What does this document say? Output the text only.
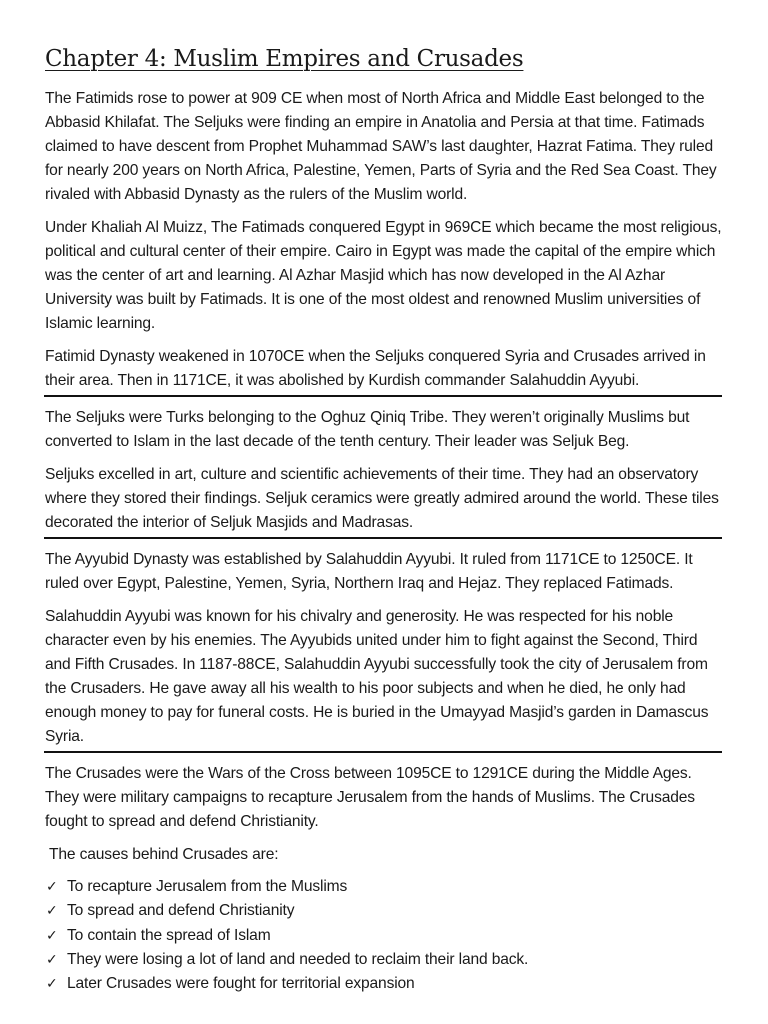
Chapter 4: Muslim Empires and Crusades

The Fatimids rose to power at 909 CE when most of North Africa and Middle East belonged to the Abbasid Khilafat. The Seljuks were finding an empire in Anatolia and Persia at that time. Fatimads claimed to have descent from Prophet Muhammad SAW’s last daughter, Hazrat Fatima. They ruled for nearly 200 years on North Africa, Palestine, Yemen, Parts of Syria and the Red Sea Coast. They rivaled with Abbasid Dynasty as the rulers of the Muslim world.

Under Khaliah Al Muizz, The Fatimads conquered Egypt in 969CE which became the most religious, political and cultural center of their empire. Cairo in Egypt was made the capital of the empire which was the center of art and learning. Al Azhar Masjid which has now developed in the Al Azhar University was built by Fatimads. It is one of the most oldest and renowned Muslim universities of Islamic learning.

Fatimid Dynasty weakened in 1070CE when the Seljuks conquered Syria and Crusades arrived in their area. Then in 1171CE, it was abolished by Kurdish commander Salahuddin Ayyubi.

The Seljuks were Turks belonging to the Oghuz Qiniq Tribe. They weren’t originally Muslims but converted to Islam in the last decade of the tenth century. Their leader was Seljuk Beg.

Seljuks excelled in art, culture and scientific achievements of their time. They had an observatory where they stored their findings. Seljuk ceramics were greatly admired around the world. These tiles decorated the interior of Seljuk Masjids and Madrasas.

The Ayyubid Dynasty was established by Salahuddin Ayyubi. It ruled from 1171CE to 1250CE. It ruled over Egypt, Palestine, Yemen, Syria, Northern Iraq and Hejaz. They replaced Fatimads.

Salahuddin Ayyubi was known for his chivalry and generosity. He was respected for his noble character even by his enemies. The Ayyubids united under him to fight against the Second, Third and Fifth Crusades. In 1187-88CE, Salahuddin Ayyubi successfully took the city of Jerusalem from the Crusaders. He gave away all his wealth to his poor subjects and when he died, he only had enough money to pay for funeral costs. He is buried in the Umayyad Masjid’s garden in Damascus Syria.

The Crusades were the Wars of the Cross between 1095CE to 1291CE during the Middle Ages. They were military campaigns to recapture Jerusalem from the hands of Muslims. The Crusades fought to spread and defend Christianity.

The causes behind Crusades are:

✓ To recapture Jerusalem from the Muslims
✓ To spread and defend Christianity
✓ To contain the spread of Islam
✓ They were losing a lot of land and needed to reclaim their land back.
✓ Later Crusades were fought for territorial expansion
